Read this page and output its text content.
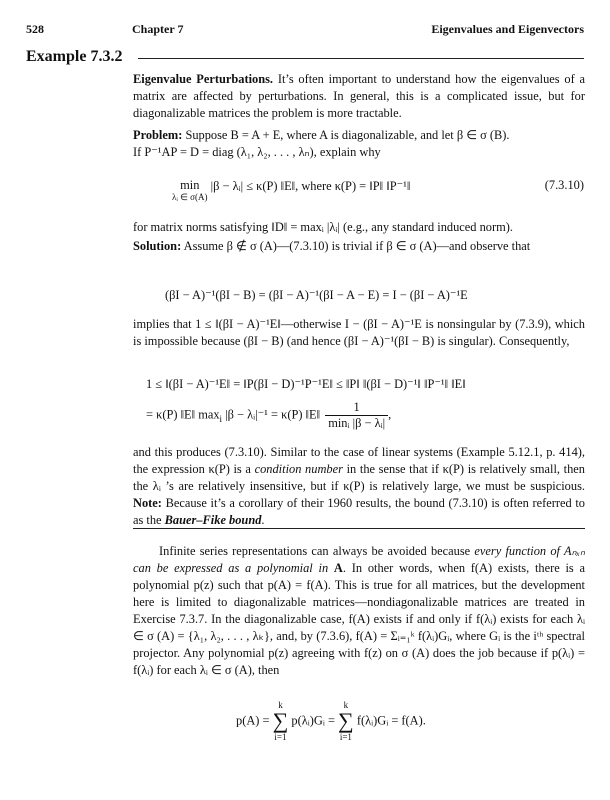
528	Chapter 7	Eigenvalues and Eigenvectors
Example 7.3.2

Eigenvalue Perturbations. It’s often important to understand how the eigenvalues of a matrix are affected by perturbations. In general, this is a complicated issue, but for diagonalizable matrices the problem is more tractable.

Problem: Suppose B = A + E, where A is diagonalizable, and let β ∈ σ (B).

If P⁻¹AP = D = diag (λ₁, λ₂, . . . , λₙ), explain why

min
λᵢ ∈ σ(A)
|β − λᵢ| ≤ κ(P) ‖E‖, where κ(P) = ‖P‖ ‖P⁻¹‖	(7.3.10)

for matrix norms satisfying ‖D‖ = maxᵢ |λᵢ| (e.g., any standard induced norm).

Solution: Assume β ∉ σ (A)—(7.3.10) is trivial if β ∈ σ (A)—and observe that

(βI − A)⁻¹(βI − B) = (βI − A)⁻¹(βI − A − E) = I − (βI − A)⁻¹E

implies that 1 ≤ ‖(βI − A)⁻¹E‖—otherwise I − (βI − A)⁻¹E is nonsingular by (7.3.9), which is impossible because (βI − B) (and hence (βI − A)⁻¹(βI − B) is singular). Consequently,

1 ≤ ‖(βI − A)⁻¹E‖ = ‖P(βI − D)⁻¹P⁻¹E‖ ≤ ‖P‖ ‖(βI − D)⁻¹‖ ‖P⁻¹‖ ‖E‖
= κ(P) ‖E‖ $\max_i |\beta$ − λᵢ|⁻¹ = κ(P) ‖E‖
1
minᵢ |β − λᵢ|
,

and this produces (7.3.10). Similar to the case of linear systems (Example 5.12.1, p. 414), the expression κ(P) is a condition number in the sense that if κ(P) is relatively small, then the λᵢ ’s are relatively insensitive, but if κ(P) is relatively large, we must be suspicious. Note: Because it’s a corollary of their 1960 results, the bound (7.3.10) is often referred to as the Bauer–Fike bound.

Infinite series representations can always be avoided because every function of Aₙₓₙ can be expressed as a polynomial in A. In other words, when f(A) exists, there is a polynomial p(z) such that p(A) = f(A). This is true for all matrices, but the development here is limited to diagonalizable matrices—nondiagonalizable matrices are treated in Exercise 7.3.7. In the diagonalizable case, f(A) exists if and only if f(λᵢ) exists for each λᵢ ∈ σ (A) = {λ₁, λ₂, . . . , λₖ}, and, by (7.3.6), f(A) = Σᵢ₌₁ᵏ f(λᵢ)Gᵢ, where Gᵢ is the iᵗʰ spectral projector. Any polynomial p(z) agreeing with f(z) on σ (A) does the job because if p(λᵢ) = f(λᵢ) for each λᵢ ∈ σ (A), then

p(A) =
k
∑
i=1
p(λᵢ)Gᵢ =
k
∑
i=1
f(λᵢ)Gᵢ = f(A).
